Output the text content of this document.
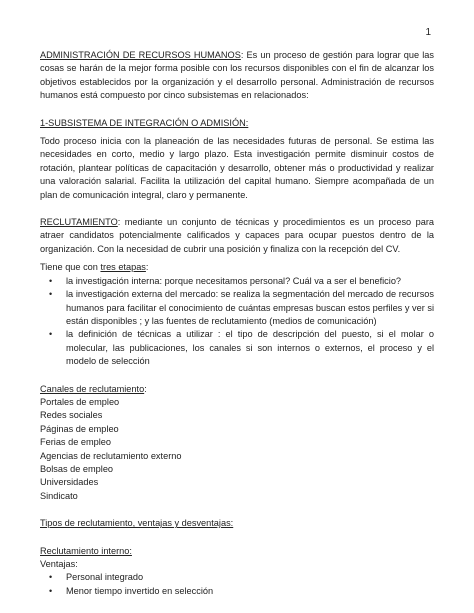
1

ADMINISTRACIÓN DE RECURSOS HUMANOS: Es un proceso de gestión para lograr que las cosas se harán de la mejor forma posible con los recursos disponibles con el fin de alcanzar los objetivos establecidos por la organización y el desarrollo personal. Administración de recursos humanos está compuesto por cinco subsistemas en relacionados:

1-SUBSISTEMA DE INTEGRACIÓN O ADMISIÓN:

Todo proceso inicia con la planeación de las necesidades futuras de personal. Se estima las necesidades en corto, medio y largo plazo. Esta investigación permite disminuir costos de rotación, plantear políticas de capacitación y desarrollo, obtener más o productividad y realizar una valoración salarial. Facilita la utilización del capital humano. Siempre acompañada de un plan de comunicación integral, claro y permanente.

RECLUTAMIENTO: mediante un conjunto de técnicas y procedimientos es un proceso para atraer candidatos potencialmente calificados y capaces para ocupar puestos dentro de la organización. Con la necesidad de cubrir una posición y finaliza con la recepción del CV.

Tiene que con tres etapas:

• la investigación interna: porque necesitamos personal? Cuál va a ser el beneficio?
• la investigación externa del mercado: se realiza la segmentación del mercado de recursos humanos para facilitar el conocimiento de cuántas empresas buscan estos perfiles y ver si están disponibles ; y las fuentes de reclutamiento (medios de comunicación)
• la definición de técnicas a utilizar : el tipo de descripción del puesto, si el molar o molecular, las publicaciones, los canales si son internos o externos, el proceso y el modelo de selección

Canales de reclutamiento:

Portales de empleo

Redes sociales

Páginas de empleo

Ferias de empleo

Agencias de reclutamiento externo

Bolsas de empleo

Universidades

Sindicato

Tipos de reclutamiento, ventajas y desventajas:

Reclutamiento interno:

Ventajas:

• Personal integrado
• Menor tiempo invertido en selección
